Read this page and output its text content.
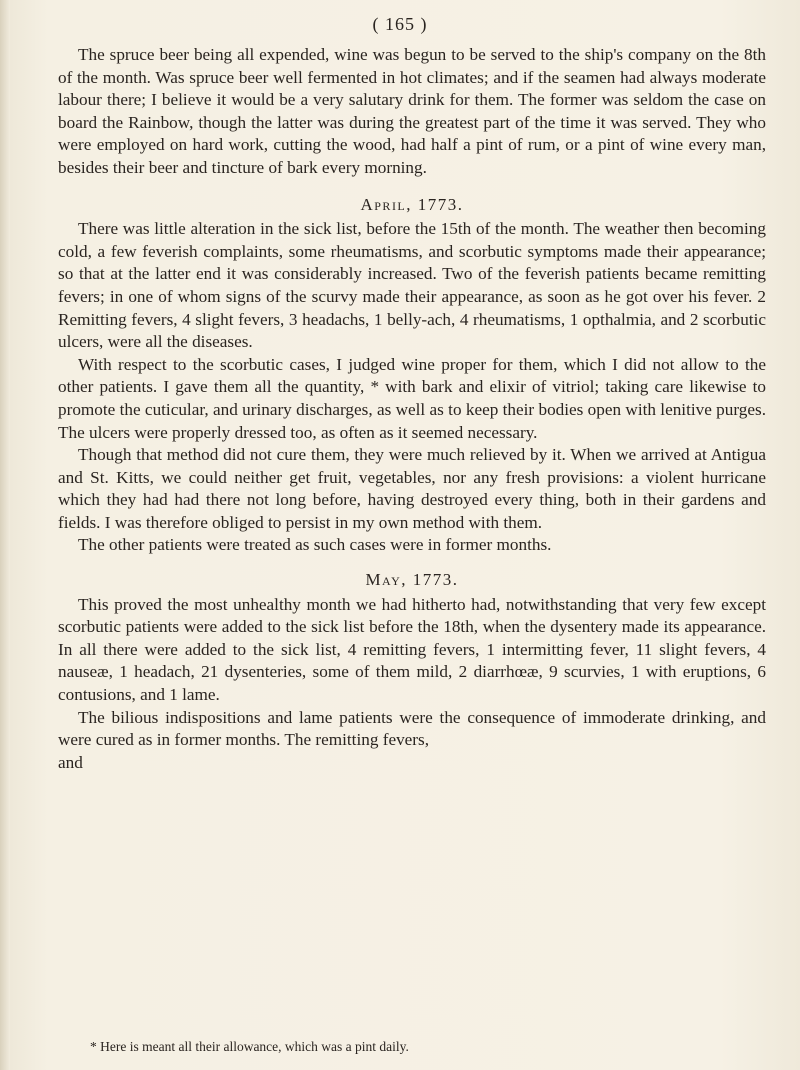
( 165 )

The spruce beer being all expended, wine was begun to be served to the ship's company on the 8th of the month. Was spruce beer well fermented in hot climates; and if the seamen had always moderate labour there; I believe it would be a very salutary drink for them. The former was seldom the case on board the Rainbow, though the latter was during the greatest part of the time it was served. They who were employed on hard work, cutting the wood, had half a pint of rum, or a pint of wine every man, besides their beer and tincture of bark every morning.

April, 1773.

There was little alteration in the sick list, before the 15th of the month. The weather then becoming cold, a few feverish complaints, some rheumatisms, and scorbutic symptoms made their appearance; so that at the latter end it was considerably increased. Two of the feverish patients became remitting fevers; in one of whom signs of the scurvy made their appearance, as soon as he got over his fever. 2 Remitting fevers, 4 slight fevers, 3 headachs, 1 belly-ach, 4 rheumatisms, 1 opthalmia, and 2 scorbutic ulcers, were all the diseases.

With respect to the scorbutic cases, I judged wine proper for them, which I did not allow to the other patients. I gave them all the quantity, * with bark and elixir of vitriol; taking care likewise to promote the cuticular, and urinary discharges, as well as to keep their bodies open with lenitive purges. The ulcers were properly dressed too, as often as it seemed necessary.

Though that method did not cure them, they were much relieved by it. When we arrived at Antigua and St. Kitts, we could neither get fruit, vegetables, nor any fresh provisions: a violent hurricane which they had had there not long before, having destroyed every thing, both in their gardens and fields. I was therefore obliged to persist in my own method with them.

The other patients were treated as such cases were in former months.

May, 1773.

This proved the most unhealthy month we had hitherto had, notwithstanding that very few except scorbutic patients were added to the sick list before the 18th, when the dysentery made its appearance. In all there were added to the sick list, 4 remitting fevers, 1 intermitting fever, 11 slight fevers, 4 nauseæ, 1 headach, 21 dysenteries, some of them mild, 2 diarrhœæ, 9 scurvies, 1 with eruptions, 6 contusions, and 1 lame.

The bilious indispositions and lame patients were the consequence of immoderate drinking, and were cured as in former months. The remitting fevers,

and

* Here is meant all their allowance, which was a pint daily.
